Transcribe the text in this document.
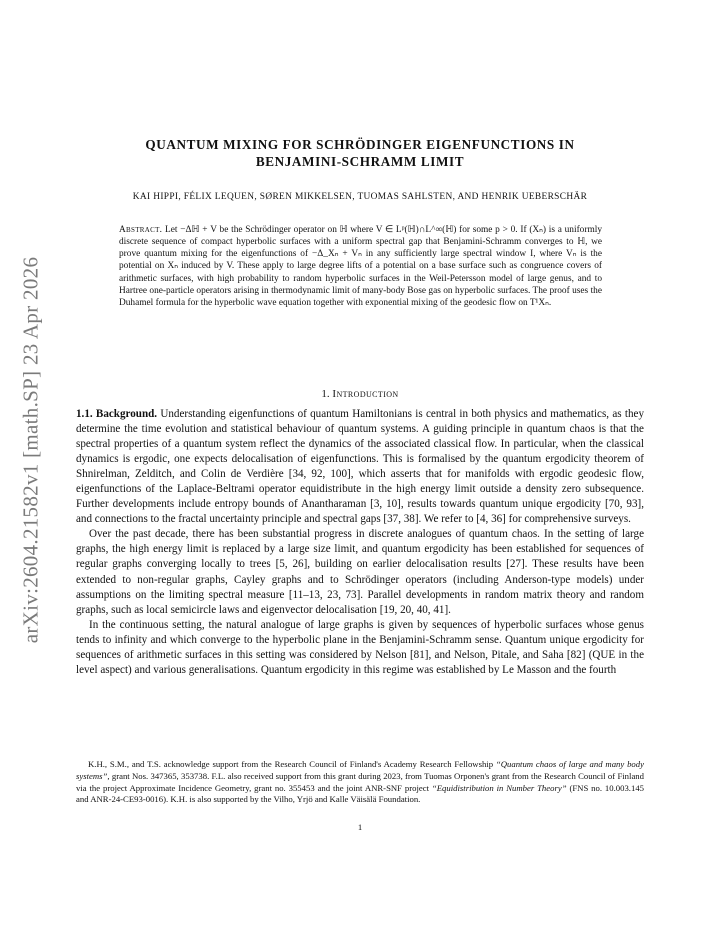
arXiv:2604.21582v1 [math.SP] 23 Apr 2026
QUANTUM MIXING FOR SCHRÖDINGER EIGENFUNCTIONS IN
BENJAMINI-SCHRAMM LIMIT
KAI HIPPI, FÉLIX LEQUEN, SØREN MIKKELSEN, TUOMAS SAHLSTEN, AND HENRIK UEBERSCHÄR
Abstract. Let −Δℍ + V be the Schrödinger operator on ℍ where V ∈ Lᵖ(ℍ)∩L^∞(ℍ) for some p > 0. If (Xₙ) is a uniformly discrete sequence of compact hyperbolic surfaces with a uniform spectral gap that Benjamini-Schramm converges to ℍ, we prove quantum mixing for the eigenfunctions of −Δ_Xₙ + Vₙ in any sufficiently large spectral window I, where Vₙ is the potential on Xₙ induced by V. These apply to large degree lifts of a potential on a base surface such as congruence covers of arithmetic surfaces, with high probability to random hyperbolic surfaces in the Weil-Petersson model of large genus, and to Hartree one-particle operators arising in thermodynamic limit of many-body Bose gas on hyperbolic surfaces. The proof uses the Duhamel formula for the hyperbolic wave equation together with exponential mixing of the geodesic flow on T¹Xₙ.
1. Introduction

1.1. Background. Understanding eigenfunctions of quantum Hamiltonians is central in both physics and mathematics, as they determine the time evolution and statistical behaviour of quantum systems. A guiding principle in quantum chaos is that the spectral properties of a quantum system reflect the dynamics of the associated classical flow. In particular, when the classical dynamics is ergodic, one expects delocalisation of eigenfunctions. This is formalised by the quantum ergodicity theorem of Shnirelman, Zelditch, and Colin de Verdière [34, 92, 100], which asserts that for manifolds with ergodic geodesic flow, eigenfunctions of the Laplace-Beltrami operator equidistribute in the high energy limit outside a density zero subsequence. Further developments include entropy bounds of Anantharaman [3, 10], results towards quantum unique ergodicity [70, 93], and connections to the fractal uncertainty principle and spectral gaps [37, 38]. We refer to [4, 36] for comprehensive surveys.

Over the past decade, there has been substantial progress in discrete analogues of quantum chaos. In the setting of large graphs, the high energy limit is replaced by a large size limit, and quantum ergodicity has been established for sequences of regular graphs converging locally to trees [5, 26], building on earlier delocalisation results [27]. These results have been extended to non-regular graphs, Cayley graphs and to Schrödinger operators (including Anderson-type models) under assumptions on the limiting spectral measure [11–13, 23, 73]. Parallel developments in random matrix theory and random graphs, such as local semicircle laws and eigenvector delocalisation [19, 20, 40, 41].

In the continuous setting, the natural analogue of large graphs is given by sequences of hyperbolic surfaces whose genus tends to infinity and which converge to the hyperbolic plane in the Benjamini-Schramm sense. Quantum unique ergodicity for sequences of arithmetic surfaces in this setting was considered by Nelson [81], and Nelson, Pitale, and Saha [82] (QUE in the level aspect) and various generalisations. Quantum ergodicity in this regime was established by Le Masson and the fourth

K.H., S.M., and T.S. acknowledge support from the Research Council of Finland's Academy Research Fellowship “Quantum chaos of large and many body systems”, grant Nos. 347365, 353738. F.L. also received support from this grant during 2023, from Tuomas Orponen's grant from the Research Council of Finland via the project Approximate Incidence Geometry, grant no. 355453 and the joint ANR-SNF project “Equidistribution in Number Theory” (FNS no. 10.003.145 and ANR-24-CE93-0016). K.H. is also supported by the Vilho, Yrjö and Kalle Väisälä Foundation.

1
